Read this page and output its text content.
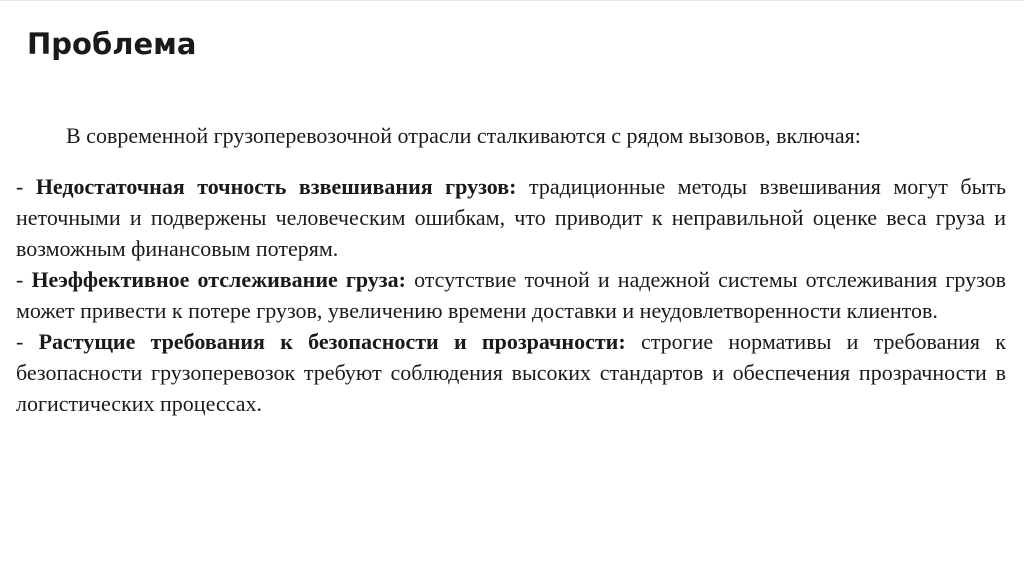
Проблема

В современной грузоперевозочной отрасли сталкиваются с рядом вызовов, включая:

- Недостаточная точность взвешивания грузов: традиционные методы взвешивания могут быть неточными и подвержены человеческим ошибкам, что приводит к неправильной оценке веса груза и возможным финансовым потерям.

- Неэффективное отслеживание груза: отсутствие точной и надежной системы отслеживания грузов может привести к потере грузов, увеличению времени доставки и неудовлетворенности клиентов.

- Растущие требования к безопасности и прозрачности: строгие нормативы и требования к безопасности грузоперевозок требуют соблюдения высоких стандартов и обеспечения прозрачности в логистических процессах.
